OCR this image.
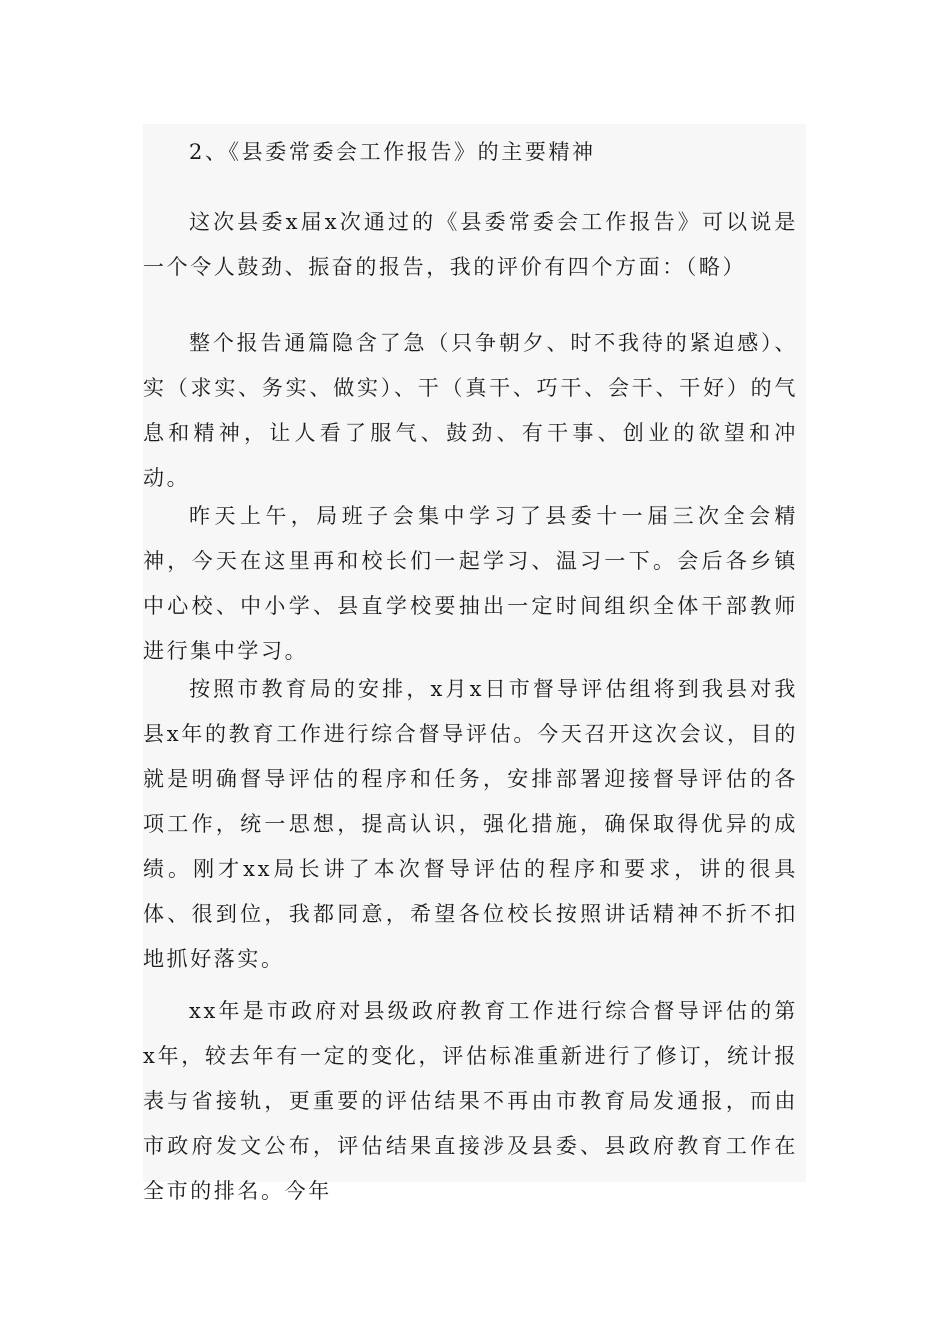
2、《县委常委会工作报告》的主要精神

这次县委x届x次通过的《县委常委会工作报告》可以说是一个令人鼓劲、振奋的报告，我的评价有四个方面：（略）

整个报告通篇隐含了急（只争朝夕、时不我待的紧迫感）、实（求实、务实、做实）、干（真干、巧干、会干、干好）的气息和精神，让人看了服气、鼓劲、有干事、创业的欲望和冲动。

昨天上午，局班子会集中学习了县委十一届三次全会精神，今天在这里再和校长们一起学习、温习一下。会后各乡镇中心校、中小学、县直学校要抽出一定时间组织全体干部教师进行集中学习。

按照市教育局的安排，x月x日市督导评估组将到我县对我县x年的教育工作进行综合督导评估。今天召开这次会议，目的就是明确督导评估的程序和任务，安排部署迎接督导评估的各项工作，统一思想，提高认识，强化措施，确保取得优异的成绩。刚才xx局长讲了本次督导评估的程序和要求，讲的很具体、很到位，我都同意，希望各位校长按照讲话精神不折不扣地抓好落实。

xx年是市政府对县级政府教育工作进行综合督导评估的第x年，较去年有一定的变化，评估标准重新进行了修订，统计报表与省接轨，更重要的评估结果不再由市教育局发通报，而由市政府发文公布，评估结果直接涉及县委、县政府教育工作在全市的排名。今年
